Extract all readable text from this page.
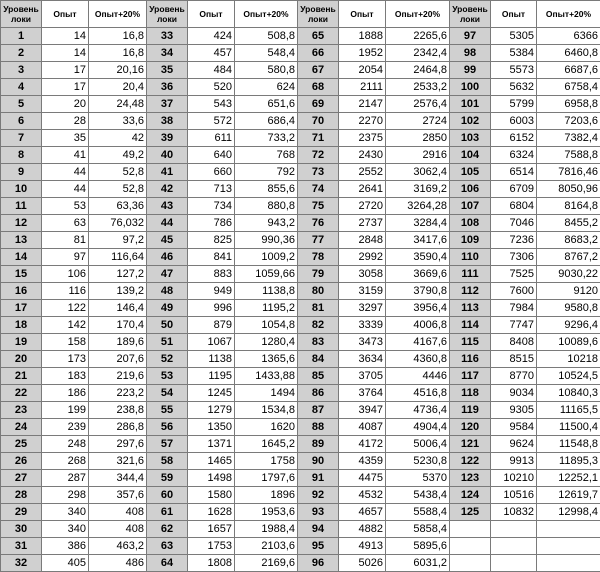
Уровень локи	Опыт	Опыт+20%	Уровень локи	Опыт	Опыт+20%	Уровень локи	Опыт	Опыт+20%	Уровень локи	Опыт	Опыт+20%
1	14	16,8	33	424	508,8	65	1888	2265,6	97	5305	6366
2	14	16,8	34	457	548,4	66	1952	2342,4	98	5384	6460,8
3	17	20,16	35	484	580,8	67	2054	2464,8	99	5573	6687,6
4	17	20,4	36	520	624	68	2111	2533,2	100	5632	6758,4
5	20	24,48	37	543	651,6	69	2147	2576,4	101	5799	6958,8
6	28	33,6	38	572	686,4	70	2270	2724	102	6003	7203,6
7	35	42	39	611	733,2	71	2375	2850	103	6152	7382,4
8	41	49,2	40	640	768	72	2430	2916	104	6324	7588,8
9	44	52,8	41	660	792	73	2552	3062,4	105	6514	7816,46
10	44	52,8	42	713	855,6	74	2641	3169,2	106	6709	8050,96
11	53	63,36	43	734	880,8	75	2720	3264,28	107	6804	8164,8
12	63	76,032	44	786	943,2	76	2737	3284,4	108	7046	8455,2
13	81	97,2	45	825	990,36	77	2848	3417,6	109	7236	8683,2
14	97	116,64	46	841	1009,2	78	2992	3590,4	110	7306	8767,2
15	106	127,2	47	883	1059,66	79	3058	3669,6	111	7525	9030,22
16	116	139,2	48	949	1138,8	80	3159	3790,8	112	7600	9120
17	122	146,4	49	996	1195,2	81	3297	3956,4	113	7984	9580,8
18	142	170,4	50	879	1054,8	82	3339	4006,8	114	7747	9296,4
19	158	189,6	51	1067	1280,4	83	3473	4167,6	115	8408	10089,6
20	173	207,6	52	1138	1365,6	84	3634	4360,8	116	8515	10218
21	183	219,6	53	1195	1433,88	85	3705	4446	117	8770	10524,5
22	186	223,2	54	1245	1494	86	3764	4516,8	118	9034	10840,3
23	199	238,8	55	1279	1534,8	87	3947	4736,4	119	9305	11165,5
24	239	286,8	56	1350	1620	88	4087	4904,4	120	9584	11500,4
25	248	297,6	57	1371	1645,2	89	4172	5006,4	121	9624	11548,8
26	268	321,6	58	1465	1758	90	4359	5230,8	122	9913	11895,3
27	287	344,4	59	1498	1797,6	91	4475	5370	123	10210	12252,1
28	298	357,6	60	1580	1896	92	4532	5438,4	124	10516	12619,7
29	340	408	61	1628	1953,6	93	4657	5588,4	125	10832	12998,4
30	340	408	62	1657	1988,4	94	4882	5858,4			
31	386	463,2	63	1753	2103,6	95	4913	5895,6			
32	405	486	64	1808	2169,6	96	5026	6031,2			
